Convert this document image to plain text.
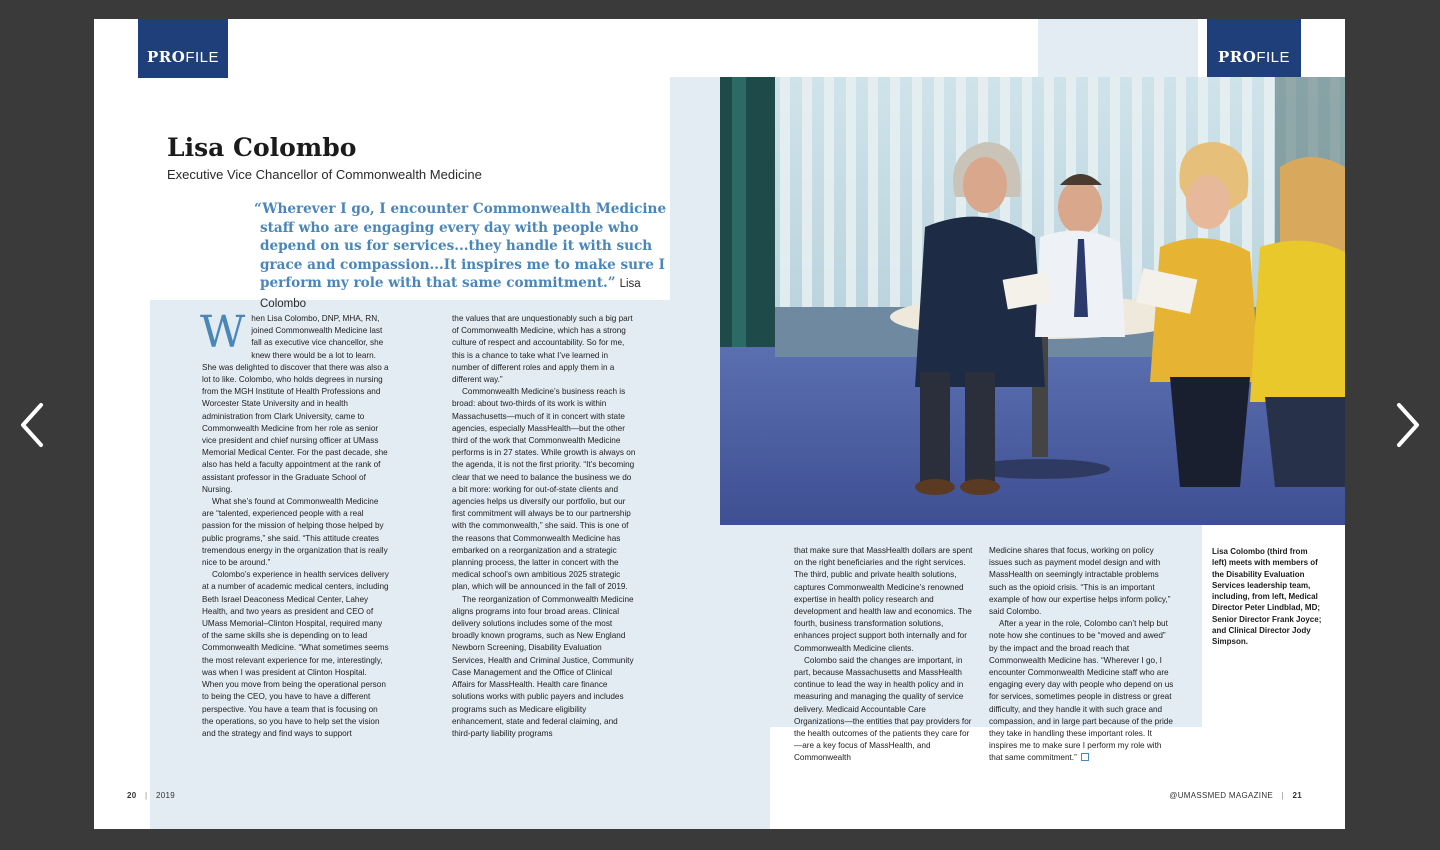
PRO FILE	PRO FILE
Lisa Colombo
Executive Vice Chancellor of Commonwealth Medicine
“Wherever I go, I encounter Commonwealth Medicine
staff who are engaging every day with people who
depend on us for services...they handle it with such
grace and compassion...It inspires me to make sure I
perform my role with that same commitment.” Lisa Colombo

When Lisa Colombo, DNP, MHA, RN, joined Commonwealth Medicine last fall as executive vice chancellor, she knew there would be a lot to learn. She was delighted to discover that there was also a lot to like. Colombo, who holds degrees in nursing from the MGH Institute of Health Professions and Worcester State University and in health administration from Clark University, came to Commonwealth Medicine from her role as senior vice president and chief nursing officer at UMass Memorial Medical Center. For the past decade, she also has held a faculty appointment at the rank of assistant professor in the Graduate School of Nursing.

What she’s found at Commonwealth Medicine are “talented, experienced people with a real passion for the mission of helping those helped by public programs,” she said. “This attitude creates tremendous energy in the organization that is really nice to be around.”

Colombo’s experience in health services delivery at a number of academic medical centers, including Beth Israel Deaconess Medical Center, Lahey Health, and two years as president and CEO of UMass Memorial–Clinton Hospital, required many of the same skills she is depending on to lead Commonwealth Medicine. “What sometimes seems the most relevant experience for me, interestingly, was when I was president at Clinton Hospital. When you move from being the operational person to being the CEO, you have to have a different perspective. You have a team that is focusing on the operations, so you have to help set the vision and the strategy and find ways to support

the values that are unquestionably such a big part of Commonwealth Medicine, which has a strong culture of respect and accountability. So for me, this is a chance to take what I’ve learned in number of different roles and apply them in a different way.”

Commonwealth Medicine’s business reach is broad: about two-thirds of its work is within Massachusetts—much of it in concert with state agencies, especially MassHealth—but the other third of the work that Commonwealth Medicine performs is in 27 states. While growth is always on the agenda, it is not the first priority. “It’s becoming clear that we need to balance the business we do a bit more: working for out-of-state clients and agencies helps us diversify our portfolio, but our first commitment will always be to our partnership with the commonwealth,” she said. This is one of the reasons that Commonwealth Medicine has embarked on a reorganization and a strategic planning process, the latter in concert with the medical school’s own ambitious 2025 strategic plan, which will be announced in the fall of 2019.

The reorganization of Commonwealth Medicine aligns programs into four broad areas. Clinical delivery solutions includes some of the most broadly known programs, such as New England Newborn Screening, Disability Evaluation Services, Health and Criminal Justice, Community Case Management and the Office of Clinical Affairs for MassHealth. Health care finance solutions works with public payers and includes programs such as Medicare eligibility enhancement, state and federal claiming, and third-party liability programs

that make sure that MassHealth dollars are spent on the right beneficiaries and the right services. The third, public and private health solutions, captures Commonwealth Medicine’s renowned expertise in health policy research and development and health law and economics. The fourth, business transformation solutions, enhances project support both internally and for Commonwealth Medicine clients.

Colombo said the changes are important, in part, because Massachusetts and MassHealth continue to lead the way in health policy and in measuring and managing the quality of service delivery. Medicaid Accountable Care Organizations—the entities that pay providers for the health outcomes of the patients they care for—are a key focus of MassHealth, and Commonwealth

Medicine shares that focus, working on policy issues such as payment model design and with MassHealth on seemingly intractable problems such as the opioid crisis. “This is an important example of how our expertise helps inform policy,” said Colombo.

After a year in the role, Colombo can’t help but note how she continues to be “moved and awed” by the impact and the broad reach that Commonwealth Medicine has. “Wherever I go, I encounter Commonwealth Medicine staff who are engaging every day with people who depend on us for services, sometimes people in distress or great difficulty, and they handle it with such grace and compassion, and in large part because of the pride they take in handling these important roles. It inspires me to make sure I perform my role with that same commitment.”

Lisa Colombo (third from left) meets with members of the Disability Evaluation Services leadership team, including, from left, Medical Director Peter Lindblad, MD; Senior Director Frank Joyce; and Clinical Director Jody Simpson.
20 | 2019	@UMASSMED MAGAZINE | 21
